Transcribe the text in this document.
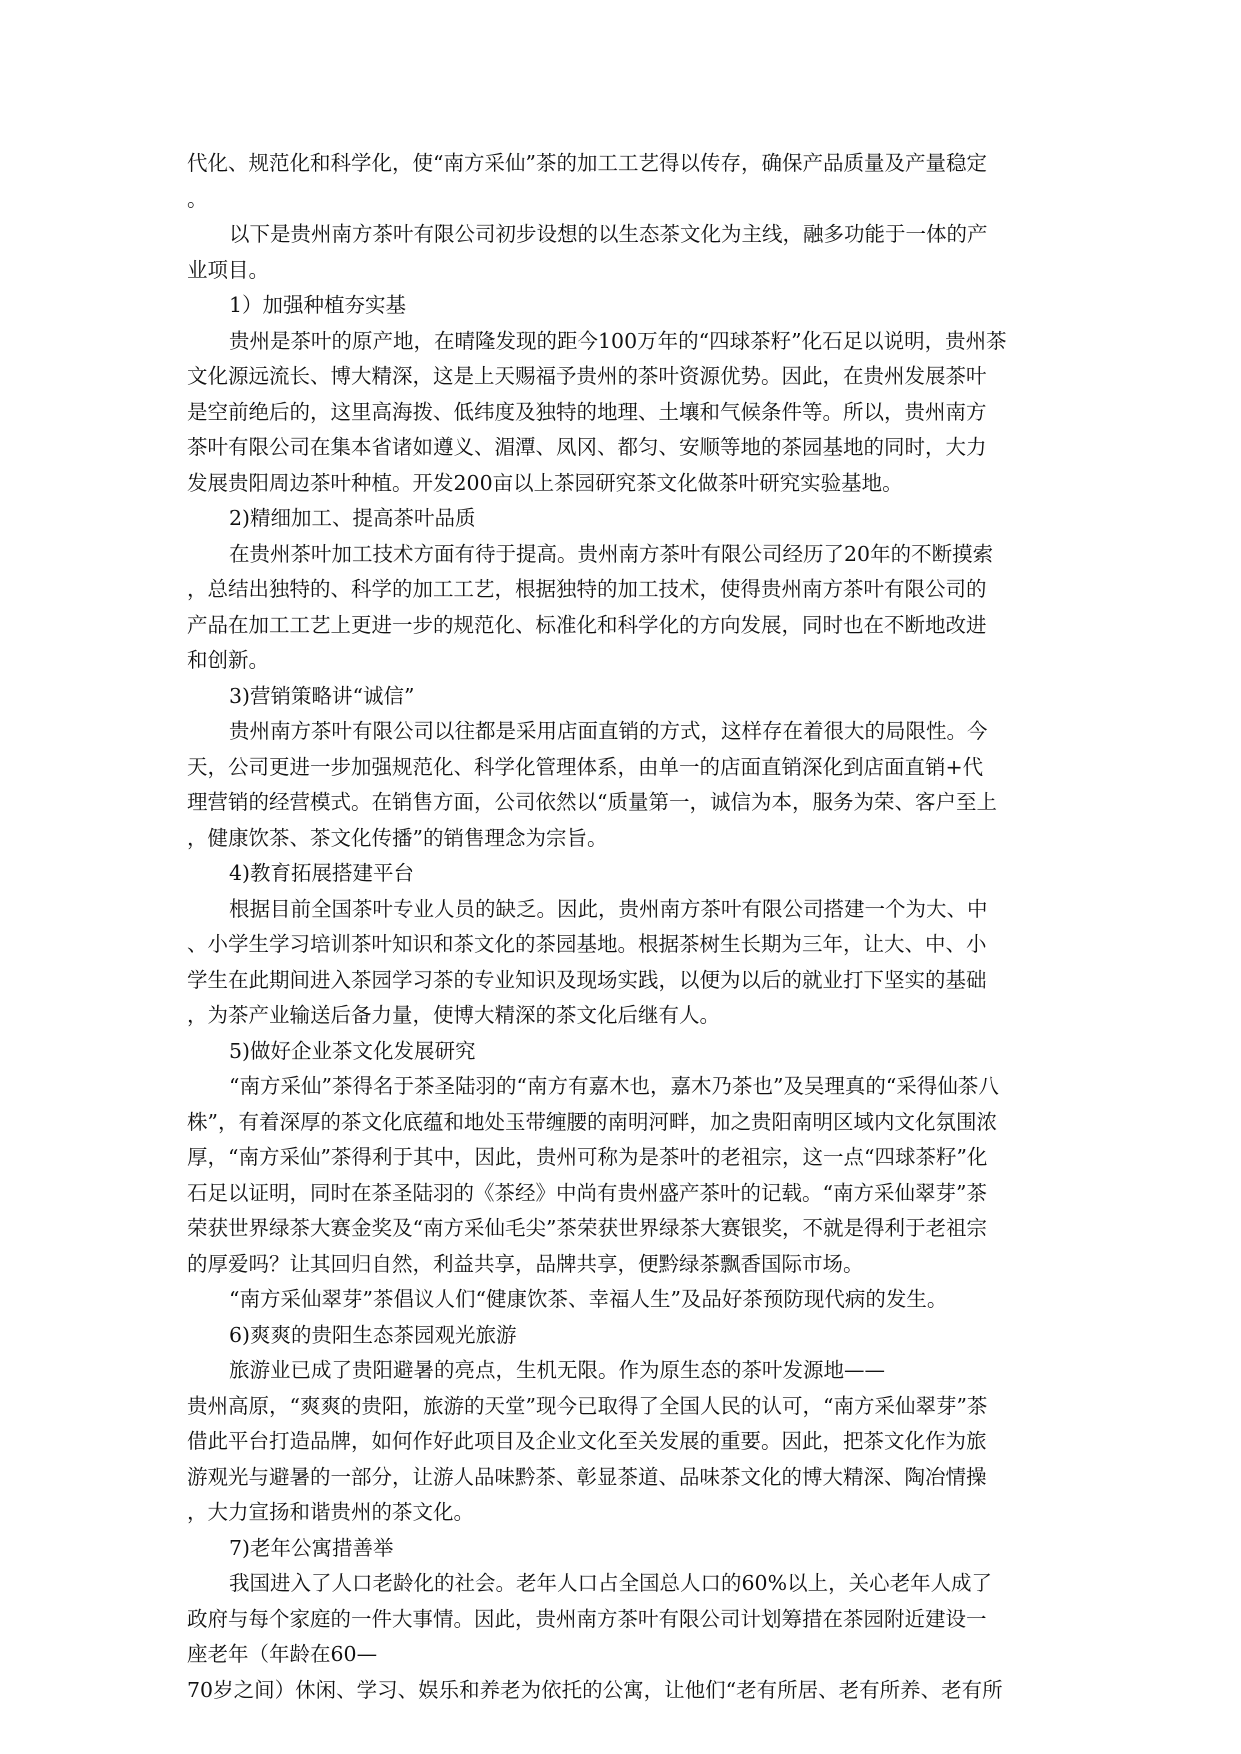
代化、规范化和科学化，使“南方采仙”茶的加工工艺得以传存，确保产品质量及产量稳定
。
以下是贵州南方茶叶有限公司初步设想的以生态茶文化为主线，融多功能于一体的产
业项目。
1）加强种植夯实基
贵州是茶叶的原产地，在晴隆发现的距今100万年的“四球茶籽”化石足以说明，贵州茶
文化源远流长、博大精深，这是上天赐福予贵州的茶叶资源优势。因此，在贵州发展茶叶
是空前绝后的，这里高海拨、低纬度及独特的地理、土壤和气候条件等。所以，贵州南方
茶叶有限公司在集本省诸如遵义、湄潭、凤冈、都匀、安顺等地的茶园基地的同时，大力
发展贵阳周边茶叶种植。开发200亩以上茶园研究茶文化做茶叶研究实验基地。
2)精细加工、提高茶叶品质
在贵州茶叶加工技术方面有待于提高。贵州南方茶叶有限公司经历了20年的不断摸索
，总结出独特的、科学的加工工艺，根据独特的加工技术，使得贵州南方茶叶有限公司的
产品在加工工艺上更进一步的规范化、标准化和科学化的方向发展，同时也在不断地改进
和创新。
3)营销策略讲“诚信”
贵州南方茶叶有限公司以往都是采用店面直销的方式，这样存在着很大的局限性。今
天，公司更进一步加强规范化、科学化管理体系，由单一的店面直销深化到店面直销+代
理营销的经营模式。在销售方面，公司依然以“质量第一，诚信为本，服务为荣、客户至上
，健康饮茶、茶文化传播”的销售理念为宗旨。
4)教育拓展搭建平台
根据目前全国茶叶专业人员的缺乏。因此，贵州南方茶叶有限公司搭建一个为大、中
、小学生学习培训茶叶知识和茶文化的茶园基地。根据茶树生长期为三年，让大、中、小
学生在此期间进入茶园学习茶的专业知识及现场实践，以便为以后的就业打下坚实的基础
，为茶产业输送后备力量，使博大精深的茶文化后继有人。
5)做好企业茶文化发展研究
“南方采仙”茶得名于茶圣陆羽的“南方有嘉木也，嘉木乃茶也”及吴理真的“采得仙茶八
株”，有着深厚的茶文化底蕴和地处玉带缠腰的南明河畔，加之贵阳南明区域内文化氛围浓
厚，“南方采仙”茶得利于其中，因此，贵州可称为是茶叶的老祖宗，这一点“四球茶籽”化
石足以证明，同时在茶圣陆羽的《茶经》中尚有贵州盛产茶叶的记载。“南方采仙翠芽”茶
荣获世界绿茶大赛金奖及“南方采仙毛尖”茶荣获世界绿茶大赛银奖，不就是得利于老祖宗
的厚爱吗？让其回归自然，利益共享，品牌共享，便黔绿茶飘香国际市场。
“南方采仙翠芽”茶倡议人们“健康饮茶、幸福人生”及品好茶预防现代病的发生。
6)爽爽的贵阳生态茶园观光旅游
旅游业已成了贵阳避暑的亮点，生机无限。作为原生态的茶叶发源地——
贵州高原，“爽爽的贵阳，旅游的天堂”现今已取得了全国人民的认可，“南方采仙翠芽”茶
借此平台打造品牌，如何作好此项目及企业文化至关发展的重要。因此，把茶文化作为旅
游观光与避暑的一部分，让游人品味黔茶、彰显茶道、品味茶文化的博大精深、陶冶情操
，大力宣扬和谐贵州的茶文化。
7)老年公寓措善举
我国进入了人口老龄化的社会。老年人口占全国总人口的60%以上，关心老年人成了
政府与每个家庭的一件大事情。因此，贵州南方茶叶有限公司计划筹措在茶园附近建设一
座老年（年龄在60—
70岁之间）休闲、学习、娱乐和养老为依托的公寓，让他们“老有所居、老有所养、老有所
